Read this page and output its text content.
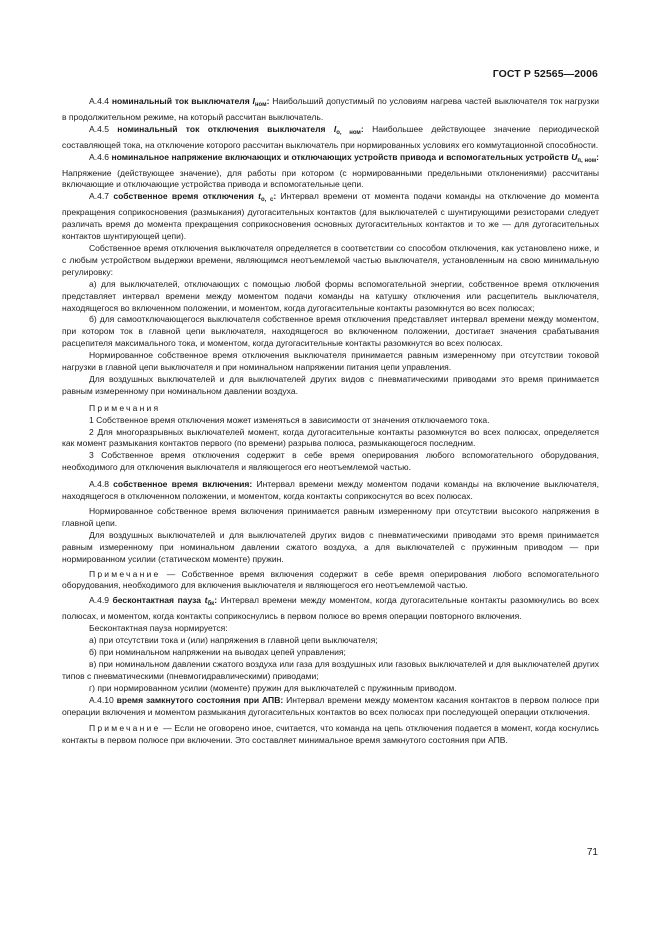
ГОСТ Р 52565—2006

А.4.4 номинальный ток выключателя $I_{ном}$: Наибольший допустимый по условиям нагрева частей выключателя ток нагрузки в продолжительном режиме, на который рассчитан выключатель.

А.4.5 номинальный ток отключения выключателя $I_{о, ном}$: Наибольшее действующее значение периодической составляющей тока, на отключение которого рассчитан выключатель при нормированных условиях его коммутационной способности.

А.4.6 номинальное напряжение включающих и отключающих устройств привода и вспомогательных устройств $U_{п, ном}$: Напряжение (действующее значение), для работы при котором (с нормированными предельными отклонениями) рассчитаны включающие и отключающие устройства привода и вспомогательные цепи.

А.4.7 собственное время отключения $t_{о, с}$: Интервал времени от момента подачи команды на отключение до момента прекращения соприкосновения (размыкания) дугогасительных контактов (для выключателей с шунтирующими резисторами следует различать время до момента прекращения соприкосновения основных дугогасительных контактов и то же — для дугогасительных контактов шунтирующей цепи).

Собственное время отключения выключателя определяется в соответствии со способом отключения, как установлено ниже, и с любым устройством выдержки времени, являющимся неотъемлемой частью выключателя, установленным на свою минимальную регулировку:

а) для выключателей, отключающих с помощью любой формы вспомогательной энергии, собственное время отключения представляет интервал времени между моментом подачи команды на катушку отключения или расцепитель выключателя, находящегося во включенном положении, и моментом, когда дугогасительные контакты разомкнутся во всех полюсах;

б) для самоотключающегося выключателя собственное время отключения представляет интервал времени между моментом, при котором ток в главной цепи выключателя, находящегося во включенном положении, достигает значения срабатывания расцепителя максимального тока, и моментом, когда дугогасительные контакты разомкнутся во всех полюсах.

Нормированное собственное время отключения выключателя принимается равным измеренному при отсутствии токовой нагрузки в главной цепи выключателя и при номинальном напряжении питания цепи управления.

Для воздушных выключателей и для выключателей других видов с пневматическими приводами это время принимается равным измеренному при номинальном давлении воздуха.

Примечания

1 Собственное время отключения может изменяться в зависимости от значения отключаемого тока.

2 Для многоразрывных выключателей момент, когда дугогасительные контакты разомкнутся во всех полюсах, определяется как момент размыкания контактов первого (по времени) разрыва полюса, размыкающегося последним.

3 Собственное время отключения содержит в себе время оперирования любого вспомогательного оборудования, необходимого для отключения выключателя и являющегося его неотъемлемой частью.

А.4.8 собственное время включения: Интервал времени между моментом подачи команды на включение выключателя, находящегося в отключенном положении, и моментом, когда контакты соприкоснутся во всех полюсах.

Нормированное собственное время включения принимается равным измеренному при отсутствии высокого напряжения в главной цепи.

Для воздушных выключателей и для выключателей других видов с пневматическими приводами это время принимается равным измеренному при номинальном давлении сжатого воздуха, а для выключателей с пружинным приводом — при нормированном усилии (статическом моменте) пружин.

Примечание — Собственное время включения содержит в себе время оперирования любого вспомогательного оборудования, необходимого для включения выключателя и являющегося его неотъемлемой частью.

А.4.9 бесконтактная пауза $t_{бк}$: Интервал времени между моментом, когда дугогасительные контакты разомкнулись во всех полюсах, и моментом, когда контакты соприкоснулись в первом полюсе во время операции повторного включения.

Бесконтактная пауза нормируется:

а) при отсутствии тока и (или) напряжения в главной цепи выключателя;

б) при номинальном напряжении на выводах цепей управления;

в) при номинальном давлении сжатого воздуха или газа для воздушных или газовых выключателей и для выключателей других типов с пневматическими (пневмогидравлическими) приводами;

г) при нормированном усилии (моменте) пружин для выключателей с пружинным приводом.

А.4.10 время замкнутого состояния при АПВ: Интервал времени между моментом касания контактов в первом полюсе при операции включения и моментом размыкания дугогасительных контактов во всех полюсах при последующей операции отключения.

Примечание — Если не оговорено иное, считается, что команда на цепь отключения подается в момент, когда коснулись контакты в первом полюсе при включении. Это составляет минимальное время замкнутого состояния при АПВ.

71
